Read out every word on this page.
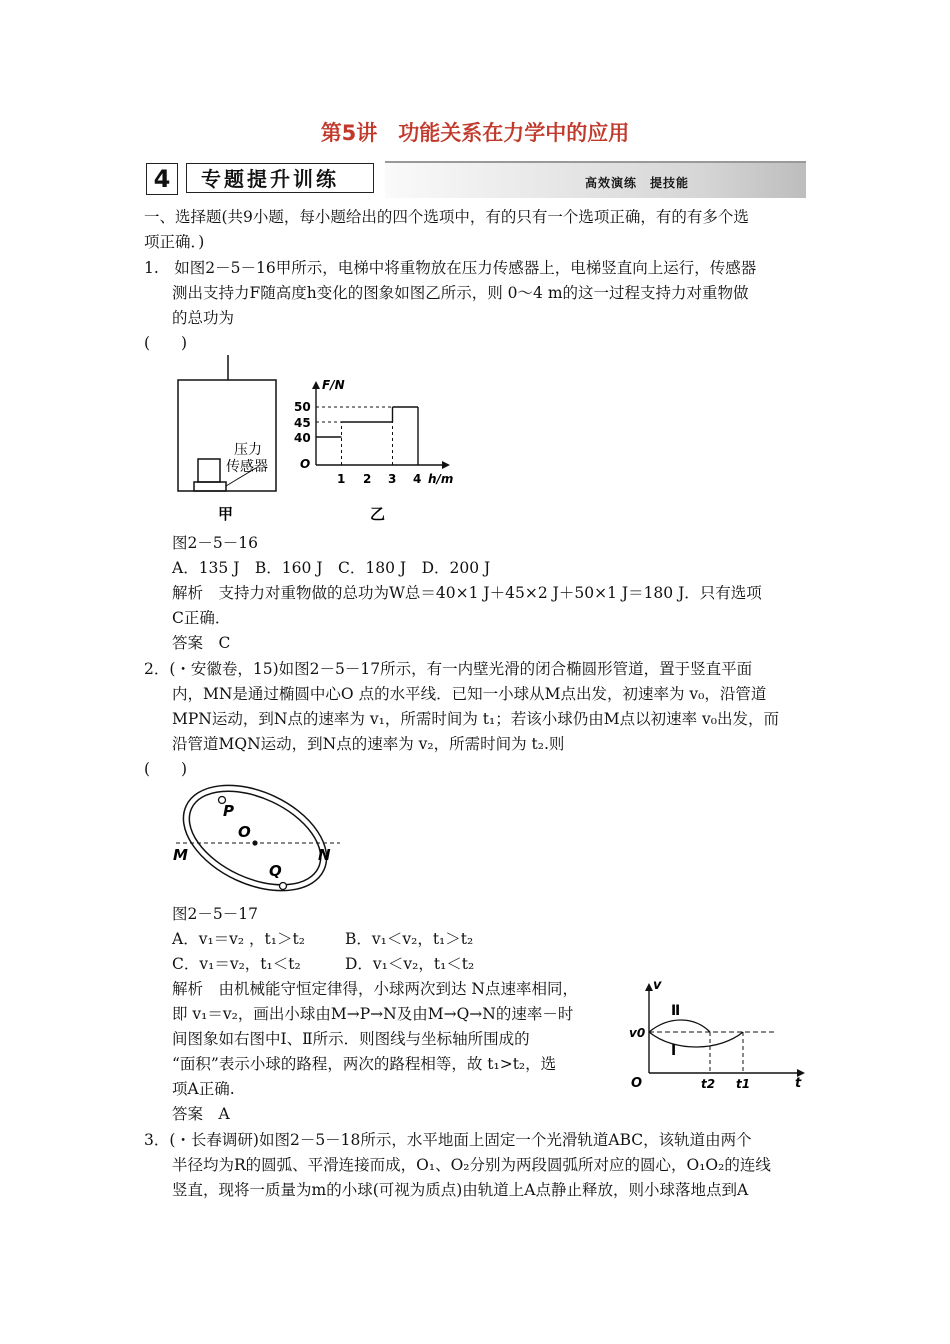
第5讲　功能关系在力学中的应用
4	专题提升训练	高效演练　提技能
一、选择题(共9小题，每小题给出的四个选项中，有的只有一个选项正确，有的有多个选
项正确．)
1.　如图2－5－16甲所示，电梯中将重物放在压力传感器上，电梯竖直向上运行，传感器
测出支持力F随高度h变化的图象如图乙所示，则 0～4 m的这一过程支持力对重物做
的总功为
(　　)
压力
传感器
甲
F/N
h/m
O
50
45
40
1 2 3 4
乙
图2－5－16
A．135 J　B．160 J　C．180 J　D．200 J
解析　支持力对重物做的总功为W总＝40×1 J＋45×2 J＋50×1 J＝180 J．只有选项
C正确．
答案　C
2．(・安徽卷，15)如图2－5－17所示，有一内壁光滑的闭合椭圆形管道，置于竖直平面
内，MN是通过椭圆中心O 点的水平线．已知一小球从M点出发，初速率为 v₀，沿管道
MPN运动，到N点的速率为 v₁，所需时间为 t₁；若该小球仍由M点以初速率 v₀出发，而
沿管道MQN运动，到N点的速率为 v₂，所需时间为 t₂.则
(　　)
P
O
M	N
Q
图2－5－17
A．v₁＝v₂ ，t₁＞t₂	B．v₁＜v₂，t₁＞t₂
C．v₁＝v₂，t₁＜t₂	D．v₁＜v₂，t₁＜t₂
解析　由机械能守恒定律得，小球两次到达 N点速率相同，
即 v₁＝v₂，画出小球由M→P→N及由M→Q→N的速率－时
间图象如右图中Ⅰ、Ⅱ所示．则图线与坐标轴所围成的
“面积”表示小球的路程，两次的路程相等，故 t₁>t₂，选
项A正确.
答案　A
v
t
O
v0
Ⅱ
Ⅰ
t2 t1
3．(・长春调研)如图2－5－18所示，水平地面上固定一个光滑轨道ABC，该轨道由两个
半径均为R的圆弧、平滑连接而成，O₁、O₂分别为两段圆弧所对应的圆心，O₁O₂的连线
竖直，现将一质量为m的小球(可视为质点)由轨道上A点静止释放，则小球落地点到A
